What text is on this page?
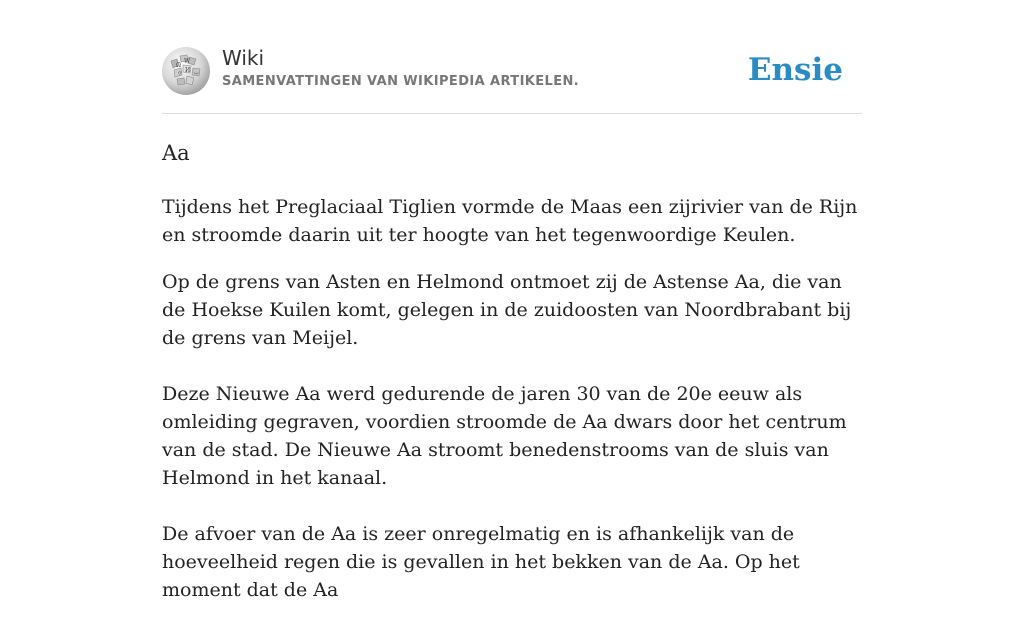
Ω
W
И
ウ ب
Wiki
SAMENVATTINGEN VAN WIKIPEDIA ARTIKELEN.	Ensie
Aa

Tijdens het Preglaciaal Tiglien vormde de Maas een zijrivier van de Rijn en stroomde daarin uit ter hoogte van het tegenwoordige Keulen.

Op de grens van Asten en Helmond ontmoet zij de Astense Aa, die van de Hoekse Kuilen komt, gelegen in de zuidoosten van Noordbrabant bij de grens van Meijel.

Deze Nieuwe Aa werd gedurende de jaren 30 van de 20e eeuw als omleiding gegraven, voordien stroomde de Aa dwars door het centrum van de stad. De Nieuwe Aa stroomt benedenstrooms van de sluis van Helmond in het kanaal.

De afvoer van de Aa is zeer onregelmatig en is afhankelijk van de hoeveelheid regen die is gevallen in het bekken van de Aa. Op het moment dat de Aa
